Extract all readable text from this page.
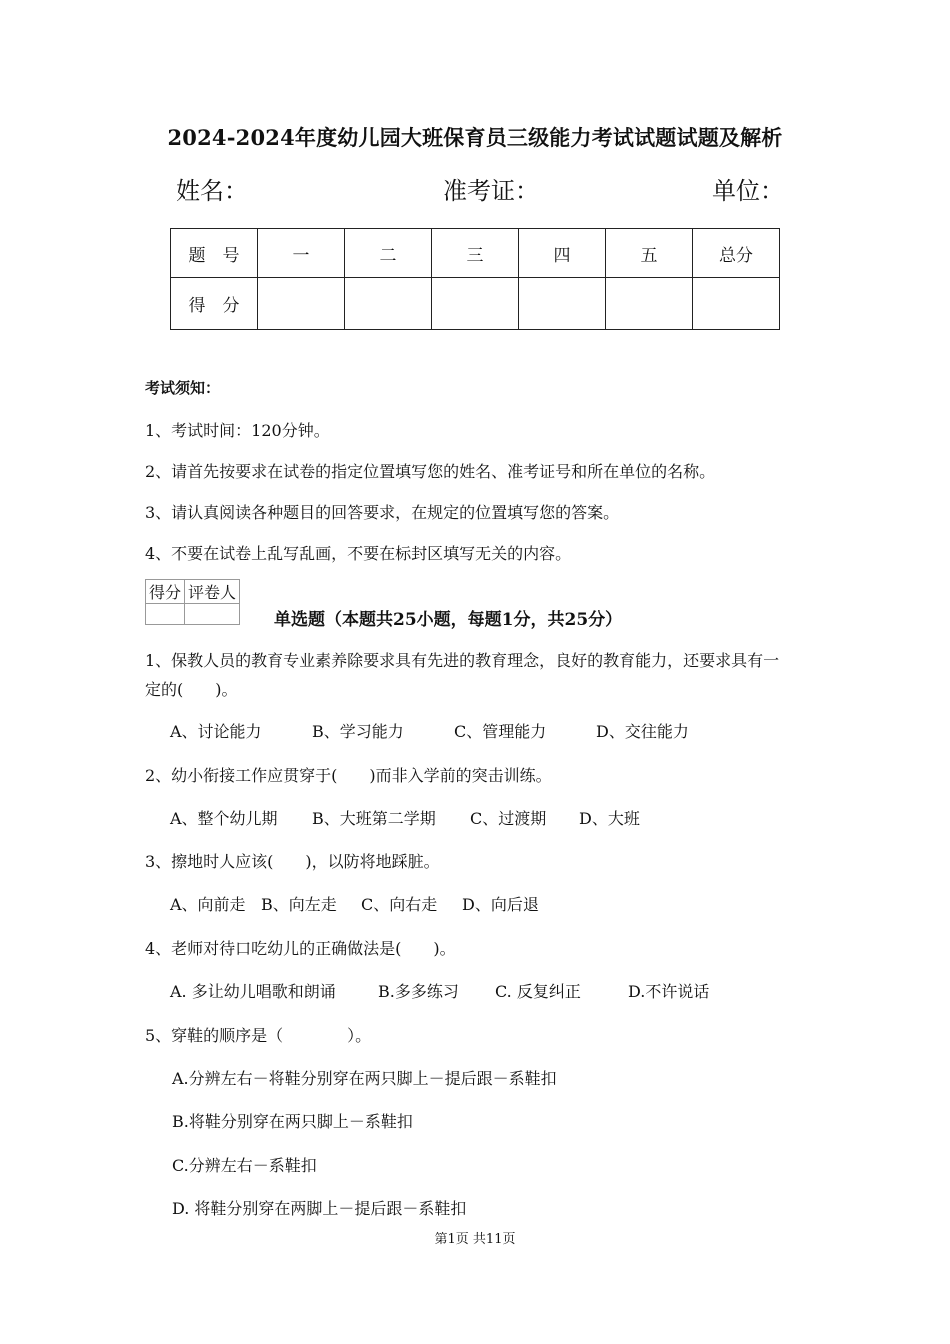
2024-2024年度幼儿园大班保育员三级能力考试试题试题及解析
姓名：	准考证：	单位：
题　号	一	二	三	四	五	总分
得　分						
考试须知：
1、考试时间：120分钟。
2、请首先按要求在试卷的指定位置填写您的姓名、准考证号和所在单位的名称。
3、请认真阅读各种题目的回答要求，在规定的位置填写您的答案。
4、不要在试卷上乱写乱画，不要在标封区填写无关的内容。
得分	评卷人

单选题（本题共25小题，每题1分，共25分）
1、保教人员的教育专业素养除要求具有先进的教育理念，良好的教育能力，还要求具有一
定的(　　)。
A、讨论能力	B、学习能力	C、管理能力	D、交往能力
2、幼小衔接工作应贯穿于(　　)而非入学前的突击训练。
A、整个幼儿期 B、大班第二学期 C、过渡期 D、大班
3、擦地时人应该(　　)，以防将地踩脏。
A、向前走 B、向左走 C、向右走 D、向后退
4、老师对待口吃幼儿的正确做法是(　　)。
A. 多让幼儿唱歌和朗诵	B.多多练习 C. 反复纠正	D.不许说话
5、穿鞋的顺序是（　　　　）。
A.分辨左右－将鞋分别穿在两只脚上－提后跟－系鞋扣
B.将鞋分别穿在两只脚上－系鞋扣
C.分辨左右－系鞋扣
D. 将鞋分别穿在两脚上－提后跟－系鞋扣
第1页 共11页
